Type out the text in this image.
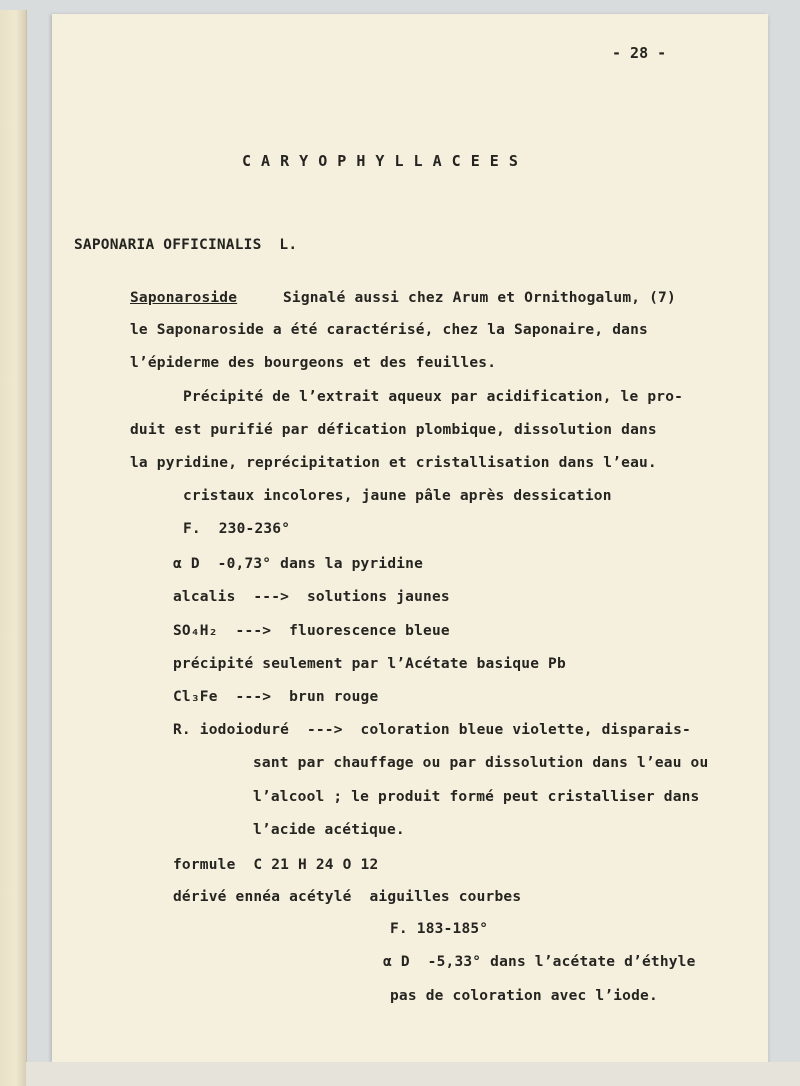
- 28 -
C A R Y O P H Y L L A C E E S
SAPONARIA OFFICINALIS  L.
Saponaroside	Signalé aussi chez Arum et Ornithogalum, (7)
le Saponaroside a été caractérisé, chez la Saponaire, dans
l’épiderme des bourgeons et des feuilles.
Précipité de l’extrait aqueux par acidification, le pro-
duit est purifié par défication plombique, dissolution dans
la pyridine, reprécipitation et cristallisation dans l’eau.
cristaux incolores, jaune pâle après dessication
F.  230-236°
α D  -0,73° dans la pyridine
alcalis  --->  solutions jaunes
SO₄H₂  --->  fluorescence bleue
précipité seulement par l’Acétate basique Pb
Cl₃Fe  --->  brun rouge
R. iodoioduré  --->  coloration bleue violette, disparais-
sant par chauffage ou par dissolution dans l’eau ou
l’alcool ; le produit formé peut cristalliser dans
l’acide acétique.
formule  C 21 H 24 O 12
dérivé ennéa acétylé  aiguilles courbes
F. 183-185°
α D  -5,33° dans l’acétate d’éthyle
pas de coloration avec l’iode.
